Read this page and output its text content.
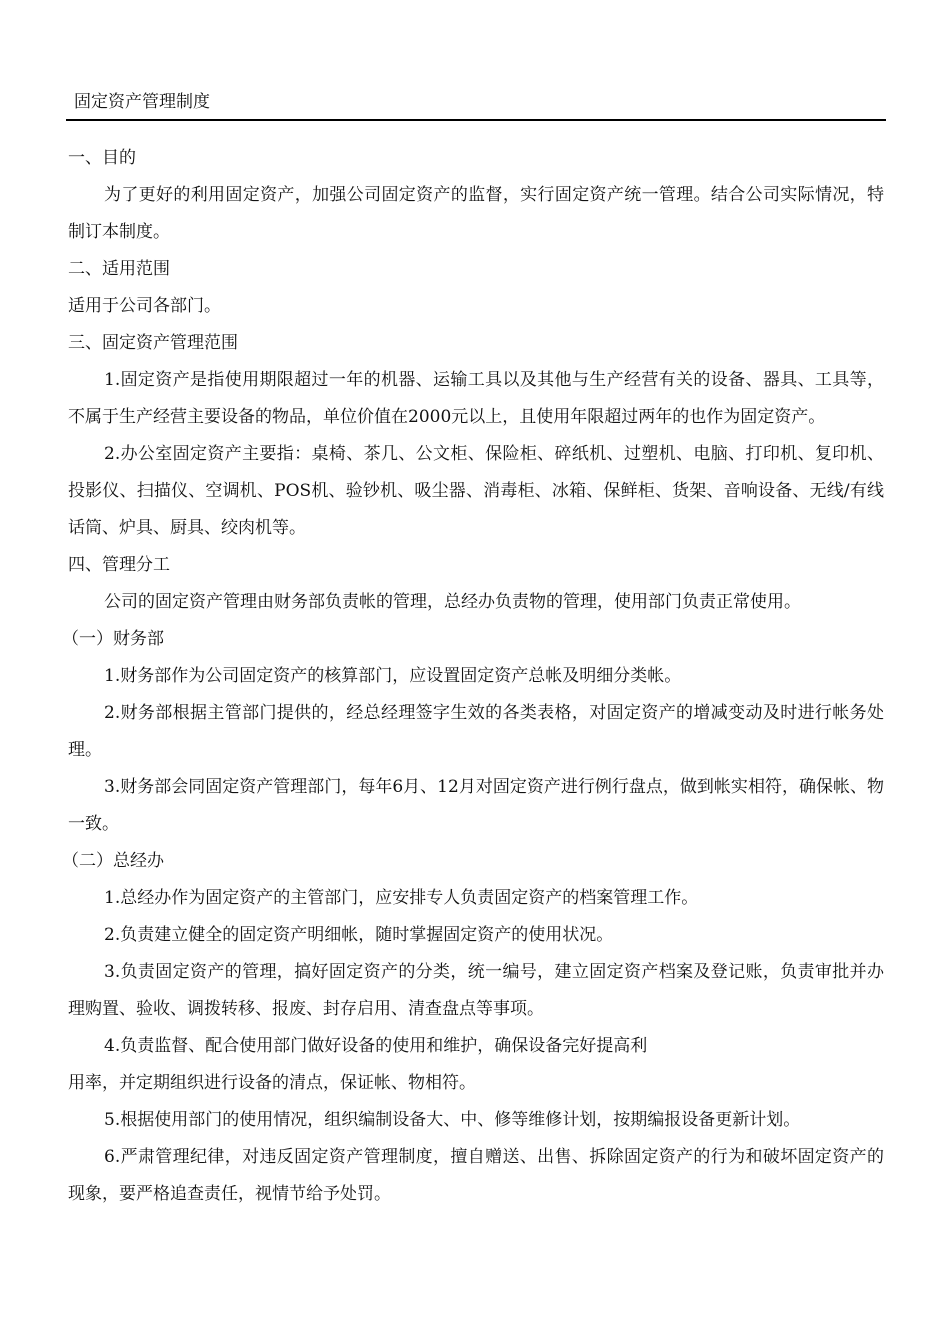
固定资产管理制度

一、目的

为了更好的利用固定资产，加强公司固定资产的监督，实行固定资产统一管理。结合公司实际情况，特制订本制度。

二、适用范围

适用于公司各部门。

三、固定资产管理范围

1.固定资产是指使用期限超过一年的机器、运输工具以及其他与生产经营有关的设备、器具、工具等，不属于生产经营主要设备的物品，单位价值在2000元以上，且使用年限超过两年的也作为固定资产。

2.办公室固定资产主要指：桌椅、茶几、公文柜、保险柜、碎纸机、过塑机、电脑、打印机、复印机、投影仪、扫描仪、空调机、POS机、验钞机、吸尘器、消毒柜、冰箱、保鲜柜、货架、音响设备、无线/有线话筒、炉具、厨具、绞肉机等。

四、管理分工

公司的固定资产管理由财务部负责帐的管理，总经办负责物的管理，使用部门负责正常使用。

（一）财务部

1.财务部作为公司固定资产的核算部门，应设置固定资产总帐及明细分类帐。

2.财务部根据主管部门提供的，经总经理签字生效的各类表格，对固定资产的增减变动及时进行帐务处理。

3.财务部会同固定资产管理部门，每年6月、12月对固定资产进行例行盘点，做到帐实相符，确保帐、物一致。

（二）总经办

1.总经办作为固定资产的主管部门，应安排专人负责固定资产的档案管理工作。

2.负责建立健全的固定资产明细帐，随时掌握固定资产的使用状况。

3.负责固定资产的管理，搞好固定资产的分类，统一编号，建立固定资产档案及登记账，负责审批并办理购置、验收、调拨转移、报废、封存启用、清查盘点等事项。

4.负责监督、配合使用部门做好设备的使用和维护，确保设备完好提高利

用率，并定期组织进行设备的清点，保证帐、物相符。

5.根据使用部门的使用情况，组织编制设备大、中、修等维修计划，按期编报设备更新计划。

6.严肃管理纪律，对违反固定资产管理制度，擅自赠送、出售、拆除固定资产的行为和破坏固定资产的现象，要严格追查责任，视情节给予处罚。
